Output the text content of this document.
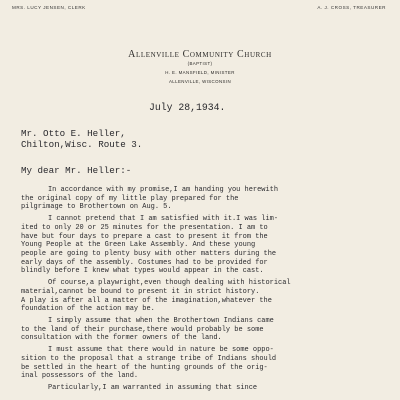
MRS. LUCY JENSEN, CLERK	A. J. CROSS, TREASURER
Allenville Community Church
(BAPTIST)
H. E. MANSFIELD, MINISTER
ALLENVILLE, WISCONSIN
July 28,1934.
Mr. Otto E. Heller,
Chilton,Wisc. Route 3.
My dear Mr. Heller:-
In accordance with my promise,I am handing you herewith
the original copy of my little play prepared for the
pilgrimage to Brothertown on Aug. 5.
I cannot pretend that I am satisfied with it.I was lim-
ited to only 20 or 25 minutes for the presentation. I am to
have but four days to prepare a cast to present it from the
Young People at the Green Lake Assembly. And these young
people are going to plenty busy with other matters during the
early days of the assembly. Costumes had to be provided for
blindly before I knew what types would appear in the cast.
Of course,a playwright,even though dealing with historical
material,cannot be bound to present it in strict history.
A play is after all a matter of the imagination,whatever the
foundation of the action may be.
I simply assume that when the Brothertown Indians came
to the land of their purchase,there would probably be some
consultation with the former owners of the land.
I must assume that there would in nature be some oppo-
sition to the proposal that a strange tribe of Indians should
be settled in the heart of the hunting grounds of the orig-
inal possessors of the land.
Particularly,I am warranted in assuming that since
